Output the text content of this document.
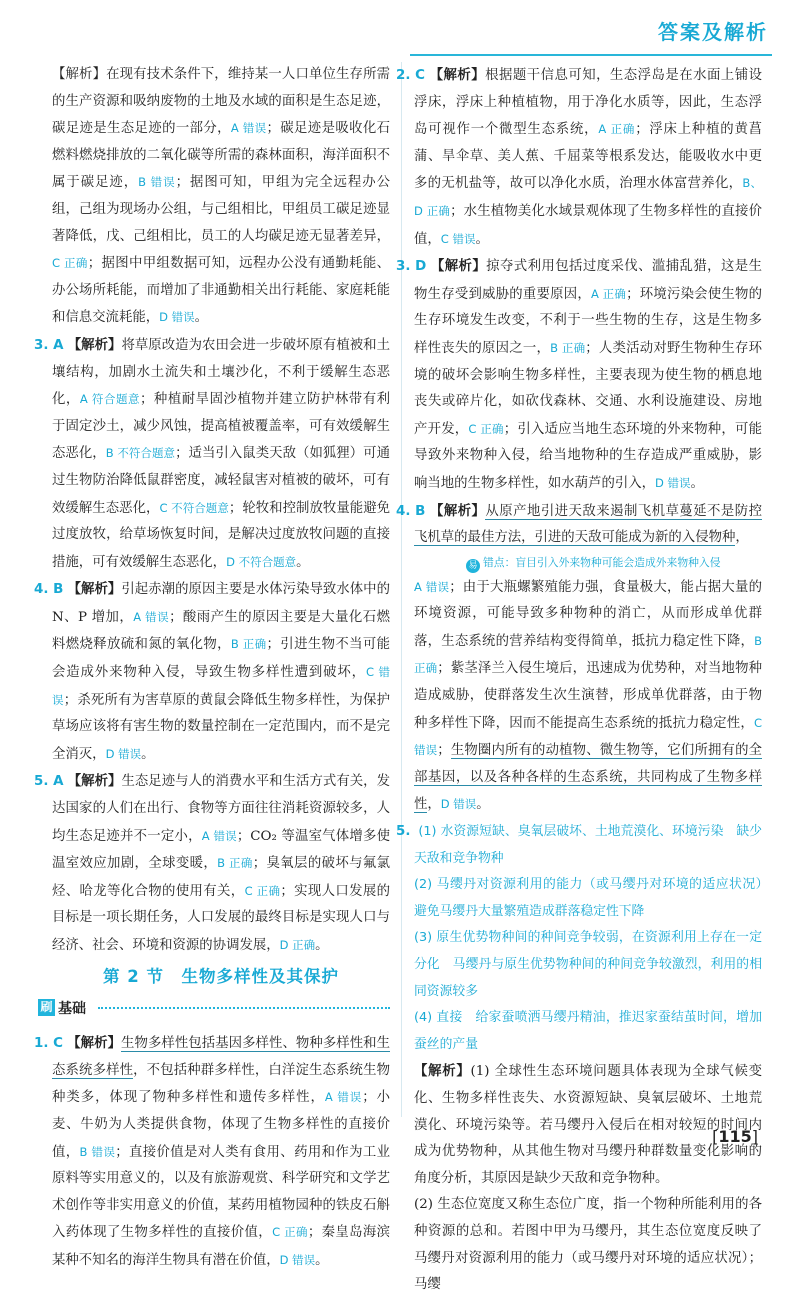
答案及解析

【解析】在现有技术条件下，维持某一人口单位生存所需的生产资源和吸纳废物的土地及水域的面积是生态足迹，碳足迹是生态足迹的一部分，A 错误；碳足迹是吸收化石燃料燃烧排放的二氧化碳等所需的森林面积，海洋面积不属于碳足迹，B 错误；据图可知，甲组为完全远程办公组，己组为现场办公组，与己组相比，甲组员工碳足迹显著降低，戊、己组相比，员工的人均碳足迹无显著差异，C 正确；据图中甲组数据可知，远程办公没有通勤耗能、办公场所耗能，而增加了非通勤相关出行耗能、家庭耗能和信息交流耗能，D 错误。

3. A 【解析】将草原改造为农田会进一步破坏原有植被和土壤结构，加剧水土流失和土壤沙化，不利于缓解生态恶化，A 符合题意；种植耐旱固沙植物并建立防护林带有利于固定沙土，减少风蚀，提高植被覆盖率，可有效缓解生态恶化，B 不符合题意；适当引入鼠类天敌（如狐狸）可通过生物防治降低鼠群密度，减轻鼠害对植被的破坏，可有效缓解生态恶化，C 不符合题意；轮牧和控制放牧量能避免过度放牧，给草场恢复时间，是解决过度放牧问题的直接措施，可有效缓解生态恶化，D 不符合题意。

4. B 【解析】引起赤潮的原因主要是水体污染导致水体中的N、P 增加，A 错误；酸雨产生的原因主要是大量化石燃料燃烧释放硫和氮的氧化物，B 正确；引进生物不当可能会造成外来物种入侵，导致生物多样性遭到破坏，C 错误；杀死所有为害草原的黄鼠会降低生物多样性，为保护草场应该将有害生物的数量控制在一定范围内，而不是完全消灭，D 错误。

5. A 【解析】生态足迹与人的消费水平和生活方式有关，发达国家的人们在出行、食物等方面往往消耗资源较多，人均生态足迹并不一定小，A 错误；CO₂ 等温室气体增多使温室效应加剧，全球变暖，B 正确；臭氧层的破坏与氟氯烃、哈龙等化合物的使用有关，C 正确；实现人口发展的目标是一项长期任务，人口发展的最终目标是实现人口与经济、社会、环境和资源的协调发展，D 正确。

第 2 节　生物多样性及其保护
刷 基础

1. C 【解析】生物多样性包括基因多样性、物种多样性和生态系统多样性，不包括种群多样性，白洋淀生态系统生物种类多，体现了物种多样性和遗传多样性，A 错误；小麦、牛奶为人类提供食物，体现了生物多样性的直接价值，B 错误；直接价值是对人类有食用、药用和作为工业原料等实用意义的，以及有旅游观赏、科学研究和文学艺术创作等非实用意义的价值，某药用植物园种的铁皮石斛入药体现了生物多样性的直接价值，C 正确；秦皇岛海滨某种不知名的海洋生物具有潜在价值，D 错误。

2. C 【解析】根据题干信息可知，生态浮岛是在水面上铺设浮床，浮床上种植植物，用于净化水质等，因此，生态浮岛可视作一个微型生态系统，A 正确；浮床上种植的黄菖蒲、旱伞草、美人蕉、千屈菜等根系发达，能吸收水中更多的无机盐等，故可以净化水质，治理水体富营养化，B、D 正确；水生植物美化水域景观体现了生物多样性的直接价值，C 错误。

3. D 【解析】掠夺式利用包括过度采伐、滥捕乱猎，这是生物生存受到威胁的重要原因，A 正确；环境污染会使生物的生存环境发生改变，不利于一些生物的生存，这是生物多样性丧失的原因之一，B 正确；人类活动对野生物种生存环境的破坏会影响生物多样性，主要表现为使生物的栖息地丧失或碎片化，如砍伐森林、交通、水利设施建设、房地产开发，C 正确；引入适应当地生态环境的外来物种，可能导致外来物种入侵，给当地物种的生存造成严重威胁，影响当地的生物多样性，如水葫芦的引入，D 错误。

4. B 【解析】从原产地引进天敌来遏制飞机草蔓延不是防控飞机草的最佳方法，引进的天敌可能成为新的入侵物种，
易 错点：盲目引入外来物种可能会造成外来物种入侵
A 错误；由于大瓶螺繁殖能力强，食量极大，能占据大量的环境资源，可能导致多种物种的消亡，从而形成单优群落，生态系统的营养结构变得简单，抵抗力稳定性下降，B 正确；紫茎泽兰入侵生境后，迅速成为优势种，对当地物种造成威胁，使群落发生次生演替，形成单优群落，由于物种多样性下降，因而不能提高生态系统的抵抗力稳定性，C 错误；生物圈内所有的动植物、微生物等，它们所拥有的全部基因，以及各种各样的生态系统，共同构成了生物多样性，D 错误。

5. (1) 水资源短缺、臭氧层破坏、土地荒漠化、环境污染　缺少天敌和竞争物种

(2) 马缨丹对资源利用的能力（或马缨丹对环境的适应状况）　避免马缨丹大量繁殖造成群落稳定性下降

(3) 原生优势物种间的种间竞争较弱，在资源利用上存在一定分化　马缨丹与原生优势物种间的种间竞争较激烈，利用的相同资源较多

(4) 直接　给家蚕喷洒马缨丹精油，推迟家蚕结茧时间，增加蚕丝的产量

【解析】(1) 全球性生态环境问题具体表现为全球气候变化、生物多样性丧失、水资源短缺、臭氧层破坏、土地荒漠化、环境污染等。若马缨丹入侵后在相对较短的时间内成为优势物种，从其他生物对马缨丹种群数量变化影响的角度分析，其原因是缺少天敌和竞争物种。

(2) 生态位宽度又称生态位广度，指一个物种所能利用的各种资源的总和。若图中甲为马缨丹，其生态位宽度反映了马缨丹对资源利用的能力（或马缨丹对环境的适应状况）；马缨

[115]
